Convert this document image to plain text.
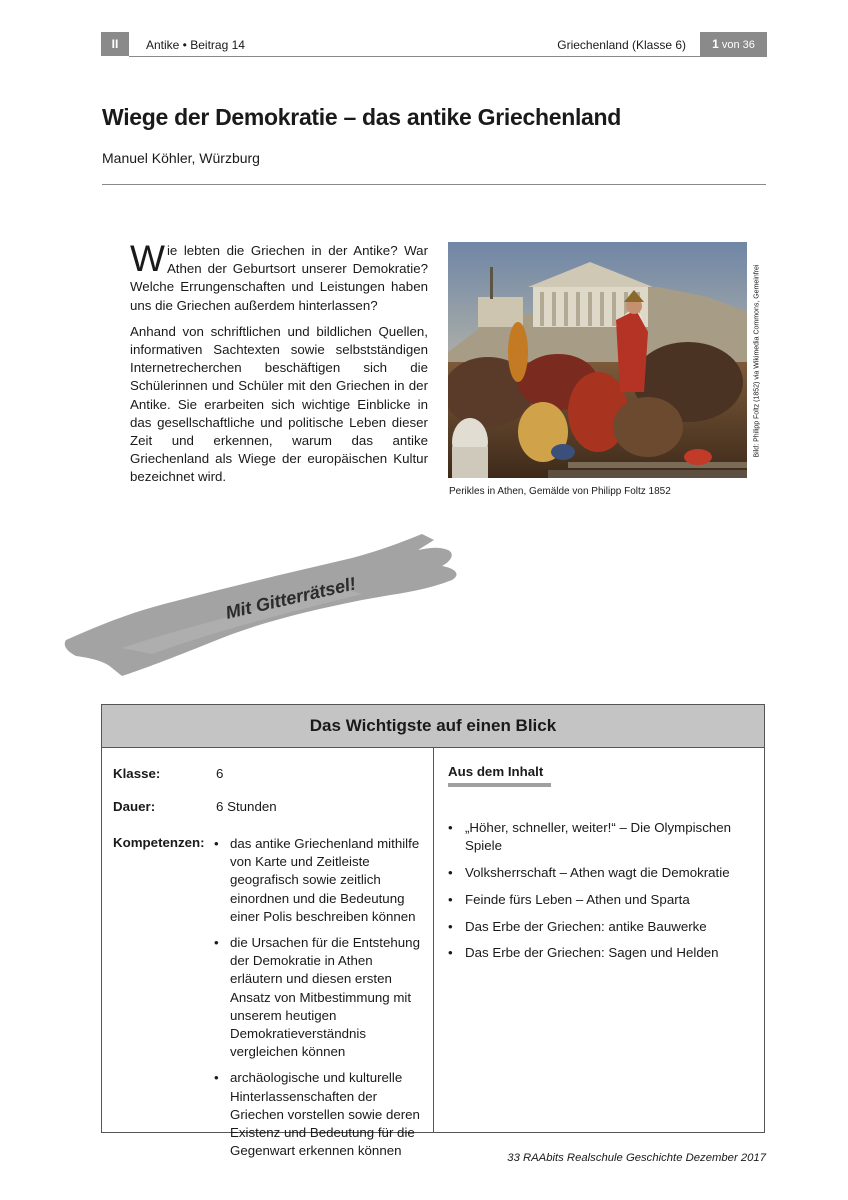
II	Antike • Beitrag 14	Griechenland (Klasse 6)	1 von 36
Wiege der Demokratie – das antike Griechenland
Manuel Köhler, Würzburg

Wie lebten die Griechen in der Antike? War Athen der Geburtsort unserer Demokratie? Welche Errungenschaften und Leistungen haben uns die Griechen außerdem hinterlassen?

Anhand von schriftlichen und bildlichen Quellen, informativen Sachtexten sowie selbstständigen Internetrecherchen beschäftigen sich die Schülerinnen und Schüler mit den Griechen in der Antike. Sie erarbeiten sich wichtige Einblicke in das gesellschaftliche und politische Leben dieser Zeit und erkennen, warum das antike Griechenland als Wiege der europäischen Kultur bezeichnet wird.

Bild: Philipp Foltz (1852) via Wikimedia Commons, Gemeinfrei
Perikles in Athen, Gemälde von Philipp Foltz 1852
Mit Gitterrätsel!
Das Wichtigste auf einen Blick
Klasse:	6
Dauer:	6 Stunden
Kompetenzen:
•	das antike Griechenland mithilfe von Karte und Zeitleiste geografisch sowie zeitlich einordnen und die Bedeutung einer Polis beschreiben können
• die Ursachen für die Entstehung der Demokratie in Athen erläutern und diesen ersten Ansatz von Mitbestimmung mit unserem heutigen Demokratieverständnis vergleichen können
• archäologische und kulturelle Hinterlassenschaften der Griechen vorstellen sowie deren Existenz und Bedeutung für die Gegenwart erkennen können
Aus dem Inhalt
• „Höher, schneller, weiter!“ – Die Olympischen Spiele
• Volksherrschaft – Athen wagt die Demokratie
• Feinde fürs Leben – Athen und Sparta
• Das Erbe der Griechen: antike Bauwerke
• Das Erbe der Griechen: Sagen und Helden
33 RAAbits Realschule Geschichte Dezember 2017
